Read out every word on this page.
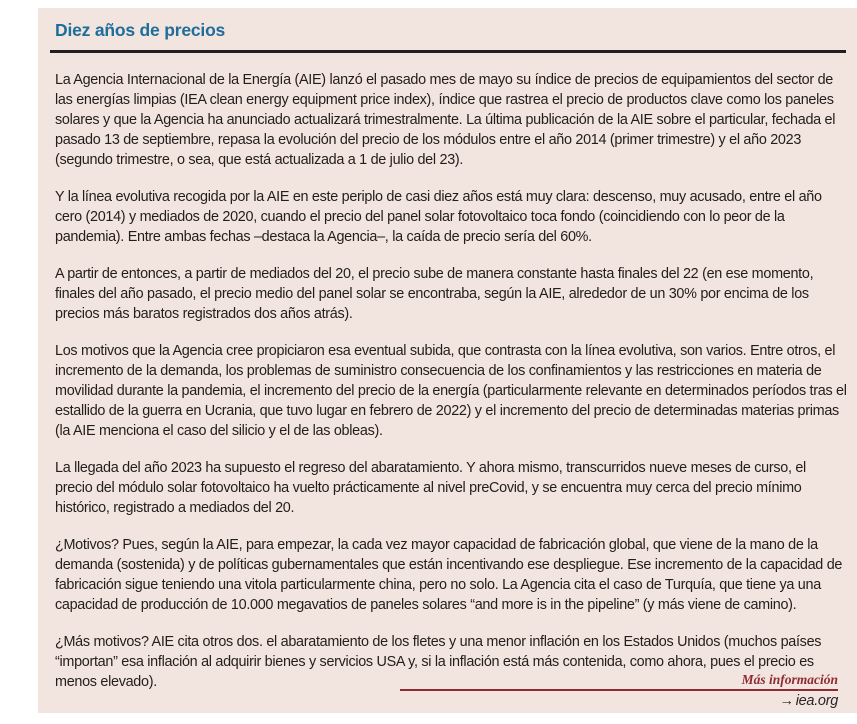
Diez años de precios

La Agencia Internacional de la Energía (AIE) lanzó el pasado mes de mayo su índice de precios de equipamientos del sector de las energías limpias (IEA clean energy equipment price index), índice que rastrea el precio de productos clave como los paneles solares y que la Agencia ha anunciado actualizará trimestralmente. La última publicación de la AIE sobre el particular, fechada el pasado 13 de septiembre, repasa la evolución del precio de los módulos entre el año 2014 (primer trimestre) y el año 2023 (segundo trimestre, o sea, que está actualizada a 1 de julio del 23).

Y la línea evolutiva recogida por la AIE en este periplo de casi diez años está muy clara: descenso, muy acusado, entre el año cero (2014) y mediados de 2020, cuando el precio del panel solar fotovoltaico toca fondo (coincidiendo con lo peor de la pandemia). Entre ambas fechas –destaca la Agencia–, la caída de precio sería del 60%.

A partir de entonces, a partir de mediados del 20, el precio sube de manera constante hasta finales del 22 (en ese momento, finales del año pasado, el precio medio del panel solar se encontraba, según la AIE, alrededor de un 30% por encima de los precios más baratos registrados dos años atrás).

Los motivos que la Agencia cree propiciaron esa eventual subida, que contrasta con la línea evolutiva, son varios. Entre otros, el incremento de la demanda, los problemas de suministro consecuencia de los confinamientos y las restricciones en materia de movilidad durante la pandemia, el incremento del precio de la energía (particularmente relevante en determinados períodos tras el estallido de la guerra en Ucrania, que tuvo lugar en febrero de 2022) y el incremento del precio de determinadas materias primas (la AIE menciona el caso del silicio y el de las obleas).

La llegada del año 2023 ha supuesto el regreso del abaratamiento. Y ahora mismo, transcurridos nueve meses de curso, el precio del módulo solar fotovoltaico ha vuelto prácticamente al nivel preCovid, y se encuentra muy cerca del precio mínimo histórico, registrado a mediados del 20.

¿Motivos? Pues, según la AIE, para empezar, la cada vez mayor capacidad de fabricación global, que viene de la mano de la demanda (sostenida) y de políticas gubernamentales que están incentivando ese despliegue. Ese incremento de la capacidad de fabricación sigue teniendo una vitola particularmente china, pero no solo. La Agencia cita el caso de Turquía, que tiene ya una capacidad de producción de 10.000 megavatios de paneles solares “and more is in the pipeline” (y más viene de camino).

¿Más motivos? AIE cita otros dos. el abaratamiento de los fletes y una menor inflación en los Estados Unidos (muchos países “importan” esa inflación al adquirir bienes y servicios USA y, si la inflación está más contenida, como ahora, pues el precio es menos elevado).	Más información
→ iea.org
